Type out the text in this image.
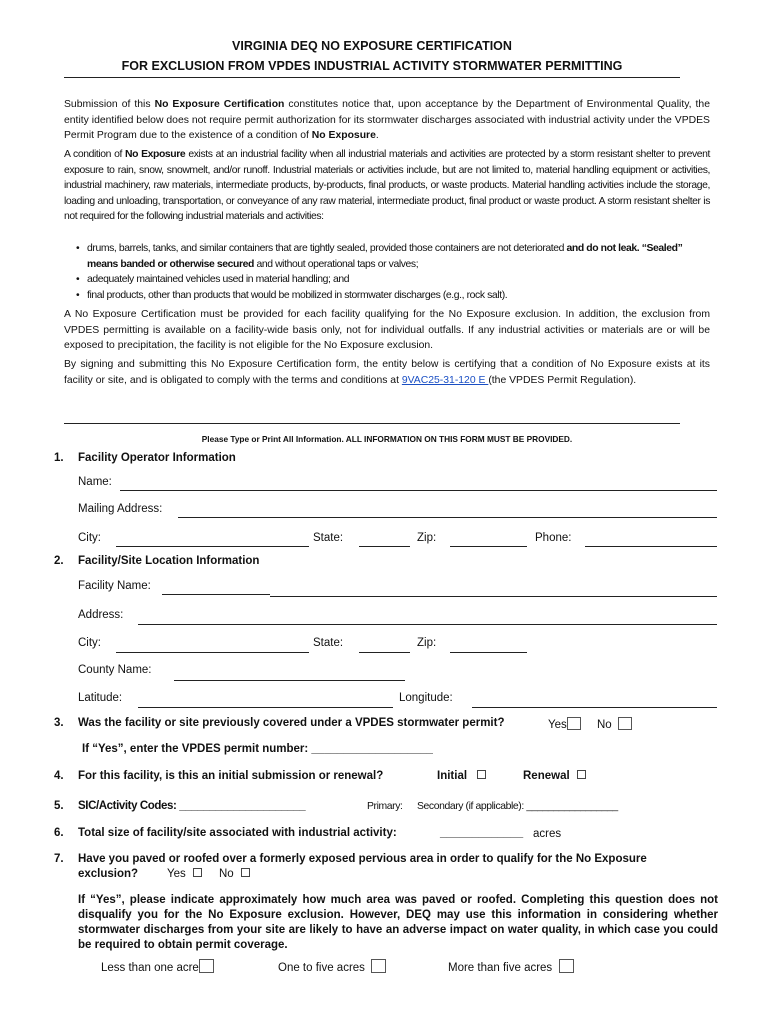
VIRGINIA DEQ NO EXPOSURE CERTIFICATION
FOR EXCLUSION FROM VPDES INDUSTRIAL ACTIVITY STORMWATER PERMITTING
Submission of this No Exposure Certification constitutes notice that, upon acceptance by the Department of Environmental Quality, the entity identified below does not require permit authorization for its stormwater discharges associated with industrial activity under the VPDES Permit Program due to the existence of a condition of No Exposure.
A condition of No Exposure exists at an industrial facility when all industrial materials and activities are protected by a storm resistant shelter to prevent exposure to rain, snow, snowmelt, and/or runoff. Industrial materials or activities include, but are not limited to, material handling equipment or activities, industrial machinery, raw materials, intermediate products, by-products, final products, or waste products. Material handling activities include the storage, loading and unloading, transportation, or conveyance of any raw material, intermediate product, final product or waste product. A storm resistant shelter is not required for the following industrial materials and activities:
• drums, barrels, tanks, and similar containers that are tightly sealed, provided those containers are not deteriorated and do not leak. “Sealed” means banded or otherwise secured and without operational taps or valves;
• adequately maintained vehicles used in material handling; and
• final products, other than products that would be mobilized in stormwater discharges (e.g., rock salt).
A No Exposure Certification must be provided for each facility qualifying for the No Exposure exclusion. In addition, the exclusion from VPDES permitting is available on a facility-wide basis only, not for individual outfalls. If any industrial activities or materials are or will be exposed to precipitation, the facility is not eligible for the No Exposure exclusion.
By signing and submitting this No Exposure Certification form, the entity below is certifying that a condition of No Exposure exists at its facility or site, and is obligated to comply with the terms and conditions at 9VAC25-31-120 E (the VPDES Permit Regulation).
Please Type or Print All Information. ALL INFORMATION ON THIS FORM MUST BE PROVIDED.
1. Facility Operator Information
Name:
Mailing Address:
City:	State:	Zip:	Phone:
2. Facility/Site Location Information
Facility Name:
Address:
City:	State:	Zip:
County Name:
Latitude:	Longitude:
3. Was the facility or site previously covered under a VPDES stormwater permit?	Yes	No
If “Yes”, enter the VPDES permit number: ___________________
4. For this facility, is this an initial submission or renewal?	Initial	Renewal
5. SIC/Activity Codes: _____________________	Primary: Secondary (if applicable): _________________
6. Total size of facility/site associated with industrial activity:	_____________ acres
7. Have you paved or roofed over a formerly exposed pervious area in order to qualify for the No Exposure
exclusion?	Yes	No
If “Yes”, please indicate approximately how much area was paved or roofed. Completing this question does not disqualify you for the No Exposure exclusion. However, DEQ may use this information in considering whether stormwater discharges from your site are likely to have an adverse impact on water quality, in which case you could be required to obtain permit coverage.
Less than one acre	One to five acres	More than five acres
